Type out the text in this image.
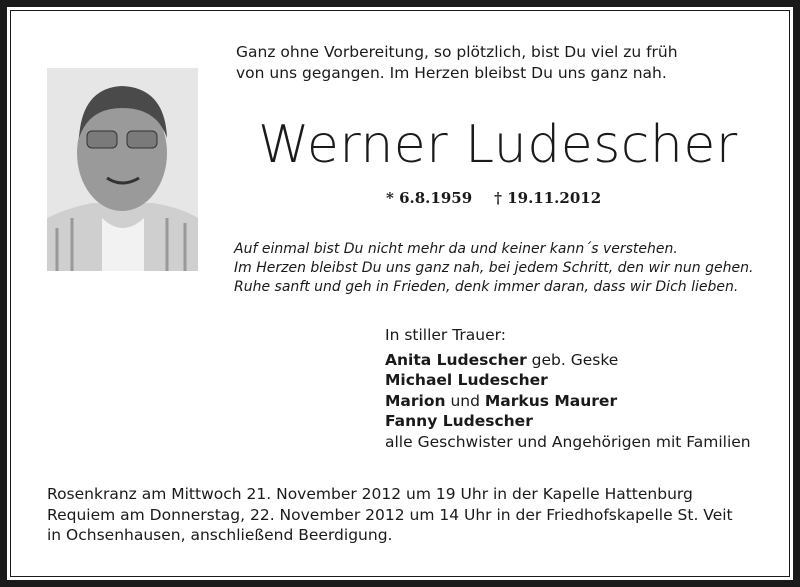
Ganz ohne Vorbereitung, so plötzlich, bist Du viel zu früh
von uns gegangen. Im Herzen bleibst Du uns ganz nah.
Werner Ludescher
* 6.8.1959 † 19.11.2012
Auf einmal bist Du nicht mehr da und keiner kann´s verstehen.
Im Herzen bleibst Du uns ganz nah, bei jedem Schritt, den wir nun gehen.
Ruhe sanft und geh in Frieden, denk immer daran, dass wir Dich lieben.
In stiller Trauer:
Anita Ludescher geb. Geske
Michael Ludescher
Marion und Markus Maurer
Fanny Ludescher
alle Geschwister und Angehörigen mit Familien
Rosenkranz am Mittwoch 21. November 2012 um 19 Uhr in der Kapelle Hattenburg
Requiem am Donnerstag, 22. November 2012 um 14 Uhr in der Friedhofskapelle St. Veit
in Ochsenhausen, anschließend Beerdigung.
